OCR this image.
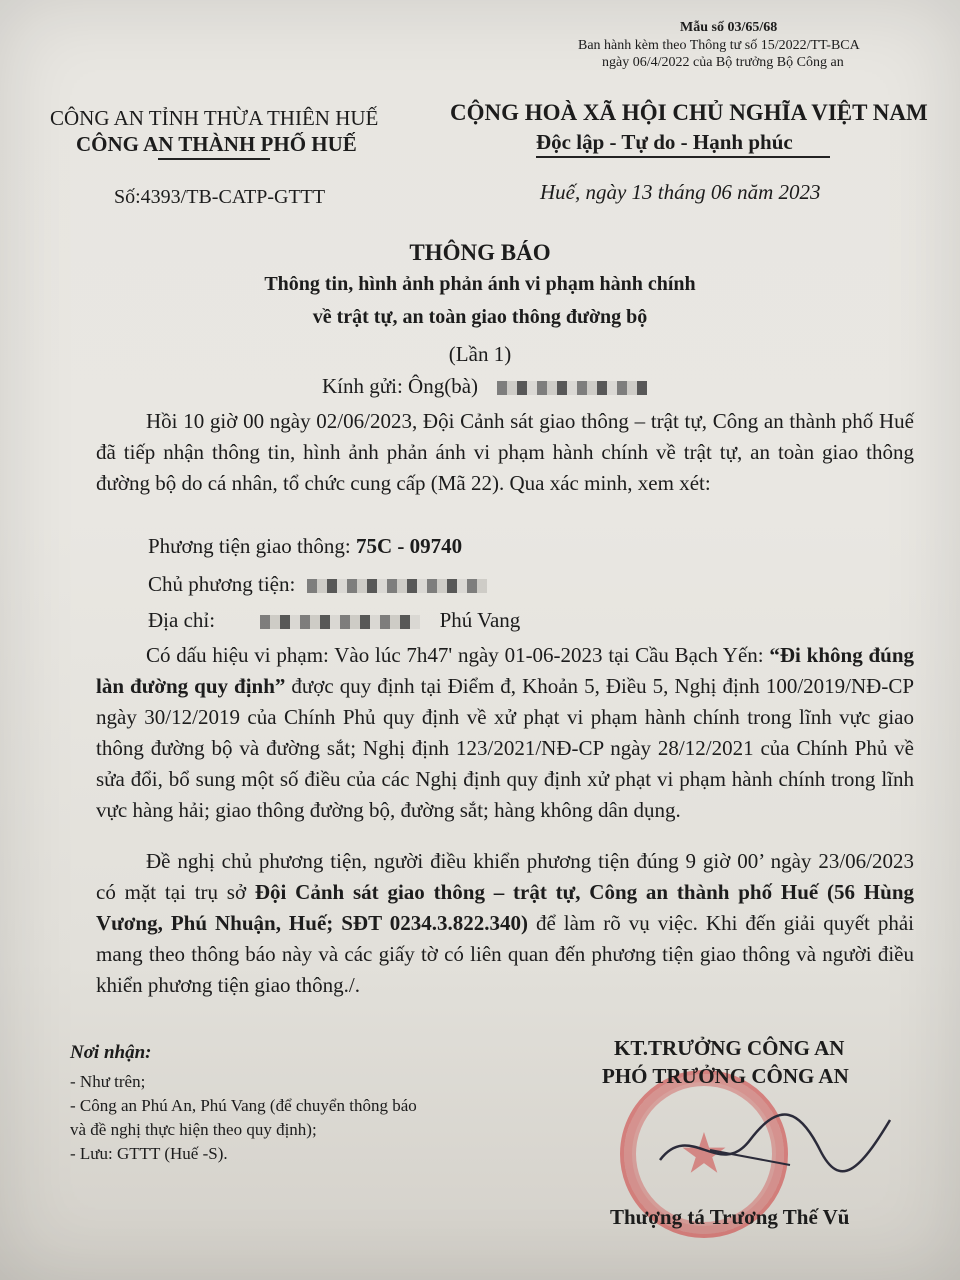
Mẫu số 03/65/68
Ban hành kèm theo Thông tư số 15/2022/TT-BCA
ngày 06/4/2022 của Bộ trưởng Bộ Công an
CÔNG AN TỈNH THỪA THIÊN HUẾ
CÔNG AN THÀNH PHỐ HUẾ
CỘNG HOÀ XÃ HỘI CHỦ NGHĨA VIỆT NAM
Độc lập - Tự do - Hạnh phúc
Số:4393/TB-CATP-GTTT	Huế, ngày 13 tháng 06 năm 2023
THÔNG BÁO
Thông tin, hình ảnh phản ánh vi phạm hành chính
về trật tự, an toàn giao thông đường bộ
(Lần 1)
Kính gửi: Ông(bà)
Hồi 10 giờ 00 ngày 02/06/2023, Đội Cảnh sát giao thông – trật tự, Công an thành phố Huế đã tiếp nhận thông tin, hình ảnh phản ánh vi phạm hành chính về trật tự, an toàn giao thông đường bộ do cá nhân, tổ chức cung cấp (Mã 22). Qua xác minh, xem xét:
Phương tiện giao thông: 75C - 09740
Chủ phương tiện:
Địa chỉ:	Phú Vang
Có dấu hiệu vi phạm: Vào lúc 7h47' ngày 01-06-2023 tại Cầu Bạch Yến: “Đi không đúng làn đường quy định” được quy định tại Điểm đ, Khoản 5, Điều 5, Nghị định 100/2019/NĐ-CP ngày 30/12/2019 của Chính Phủ quy định về xử phạt vi phạm hành chính trong lĩnh vực giao thông đường bộ và đường sắt; Nghị định 123/2021/NĐ-CP ngày 28/12/2021 của Chính Phủ về sửa đổi, bổ sung một số điều của các Nghị định quy định xử phạt vi phạm hành chính trong lĩnh vực hàng hải; giao thông đường bộ, đường sắt; hàng không dân dụng.
Đề nghị chủ phương tiện, người điều khiển phương tiện đúng 9 giờ 00’ ngày 23/06/2023 có mặt tại trụ sở Đội Cảnh sát giao thông – trật tự, Công an thành phố Huế (56 Hùng Vương, Phú Nhuận, Huế; SĐT 0234.3.822.340) để làm rõ vụ việc. Khi đến giải quyết phải mang theo thông báo này và các giấy tờ có liên quan đến phương tiện giao thông và người điều khiển phương tiện giao thông./.
Nơi nhận:
- Như trên;
- Công an Phú An, Phú Vang (để chuyển thông báo
và đề nghị thực hiện theo quy định);
- Lưu: GTTT (Huế -S).	★
KT.TRƯỞNG CÔNG AN
PHÓ TRƯỞNG CÔNG AN
Thượng tá Trương Thế Vũ
